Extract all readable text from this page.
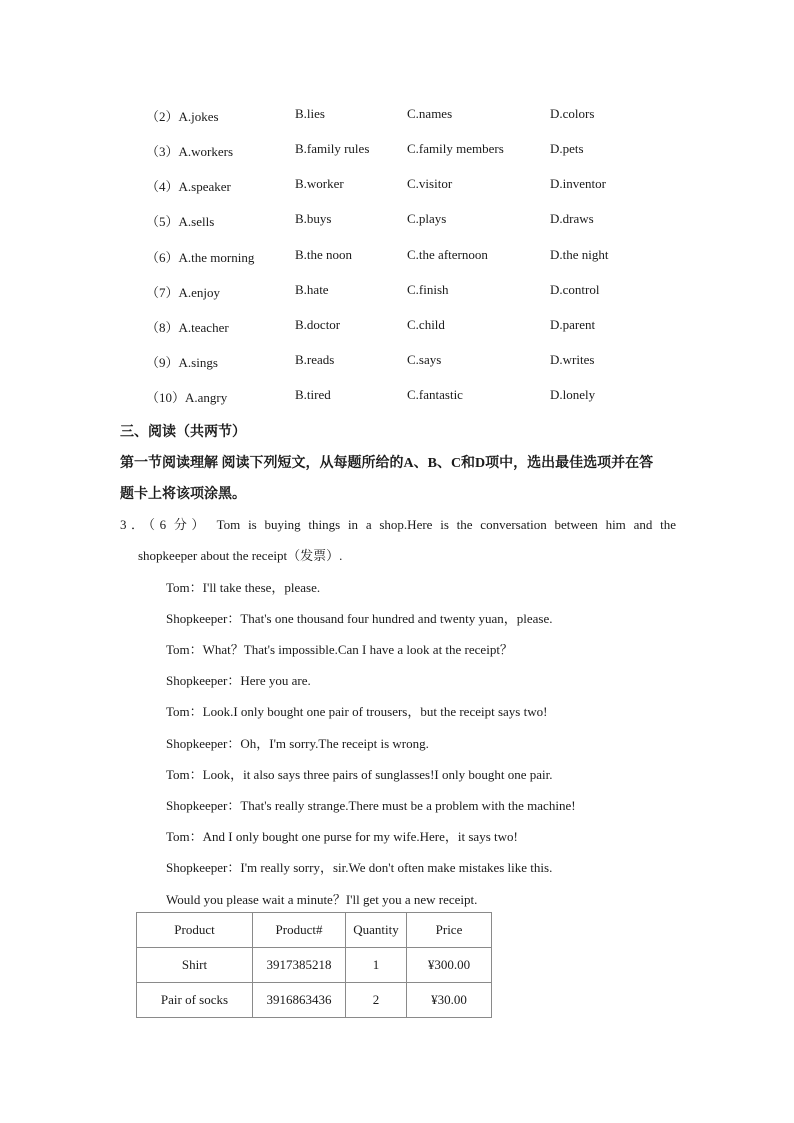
（2）A.jokes	B.lies	C.names	D.colors
（3）A.workers	B.family rules	C.family members	D.pets
（4）A.speaker	B.worker	C.visitor	D.inventor
（5）A.sells	B.buys	C.plays	D.draws
（6）A.the morning	B.the noon	C.the afternoon	D.the night
（7）A.enjoy	B.hate	C.finish	D.control
（8）A.teacher	B.doctor	C.child	D.parent
（9）A.sings	B.reads	C.says	D.writes
（10）A.angry	B.tired	C.fantastic	D.lonely
三、阅读（共两节）
第一节阅读理解 阅读下列短文，从每题所给的A、B、C和D项中，选出最佳选项并在答
题卡上将该项涂黑。
3．（6 分） Tom is buying things in a shop.Here is the conversation between him and the
shopkeeper about the receipt（发票）.
Tom：I'll take these，please.
Shopkeeper：That's one thousand four hundred and twenty yuan，please.
Tom：What？That's impossible.Can I have a look at the receipt？
Shopkeeper：Here you are.
Tom：Look.I only bought one pair of trousers，but the receipt says two!
Shopkeeper：Oh，I'm sorry.The receipt is wrong.
Tom：Look，it also says three pairs of sunglasses!I only bought one pair.
Shopkeeper：That's really strange.There must be a problem with the machine!
Tom：And I only bought one purse for my wife.Here，it says two!
Shopkeeper：I'm really sorry，sir.We don't often make mistakes like this.
Would you please wait a minute？I'll get you a new receipt.
Product	Product#	Quantity	Price
Shirt	3917385218	1	¥300.00
Pair of socks	3916863436	2	¥30.00
